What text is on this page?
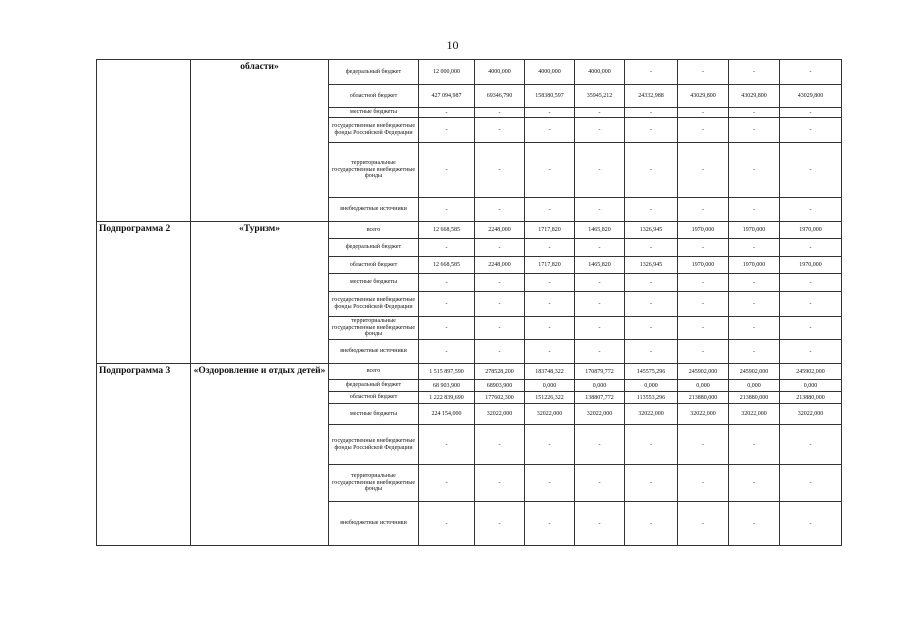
10
	области»	федеральный бюджет	12 000,000	4000,000	4000,000	4000,000	-	-	-	-
		областной бюджет	427 094,987	69346,790	158380,597	35945,212	24332,988	43029,800	43029,800	43029,800
		местные бюджеты	-	-	-	-	-	-	-	-
		государственные внебюджетные фонды Российской Федерации	-	-	-	-	-	-	-	-
		территориальные государственные внебюджетные фонды	-	-	-	-	-	-	-	-
		внебюджетные источники	-	-	-	-	-	-	-	-
Подпрограмма 2	«Туризм»	всего	12 668,585	2248,000	1717,820	1465,820	1326,945	1970,000	1970,000	1970,000
		федеральный бюджет	-	-	-	-	-	-	-	-
		областной бюджет	12 668,585	2248,000	1717,820	1465,820	1326,945	1970,000	1970,000	1970,000
		местные бюджеты	-	-	-	-	-	-	-	-
		государственные внебюджетные фонды Российской Федерации	-	-	-	-	-	-	-	-
		территориальные государственные внебюджетные фонды	-	-	-	-	-	-	-	-
		внебюджетные источники	-	-	-	-	-	-	-	-
Подпрограмма 3	«Оздоровление и отдых детей»	всего	1 515 897,590	278528,200	183748,322	170879,772	145575,296	245902,000	245902,000	245902,000
		федеральный бюджет	68 903,900	68903,900	0,000	0,000	0,000	0,000	0,000	0,000
		областной бюджет	1 222 839,690	177602,300	151226,322	138807,772	113553,296	213880,000	213880,000	213880,000
		местные бюджеты	224 154,000	32022,000	32022,000	32022,000	32022,000	32022,000	32022,000	32022,000
		государственные внебюджетные фонды Российской Федерации	-	-	-	-	-	-	-	-
		территориальные государственные внебюджетные фонды	-	-	-	-	-	-	-	-
		внебюджетные источники	-	-	-	-	-	-	-	-
